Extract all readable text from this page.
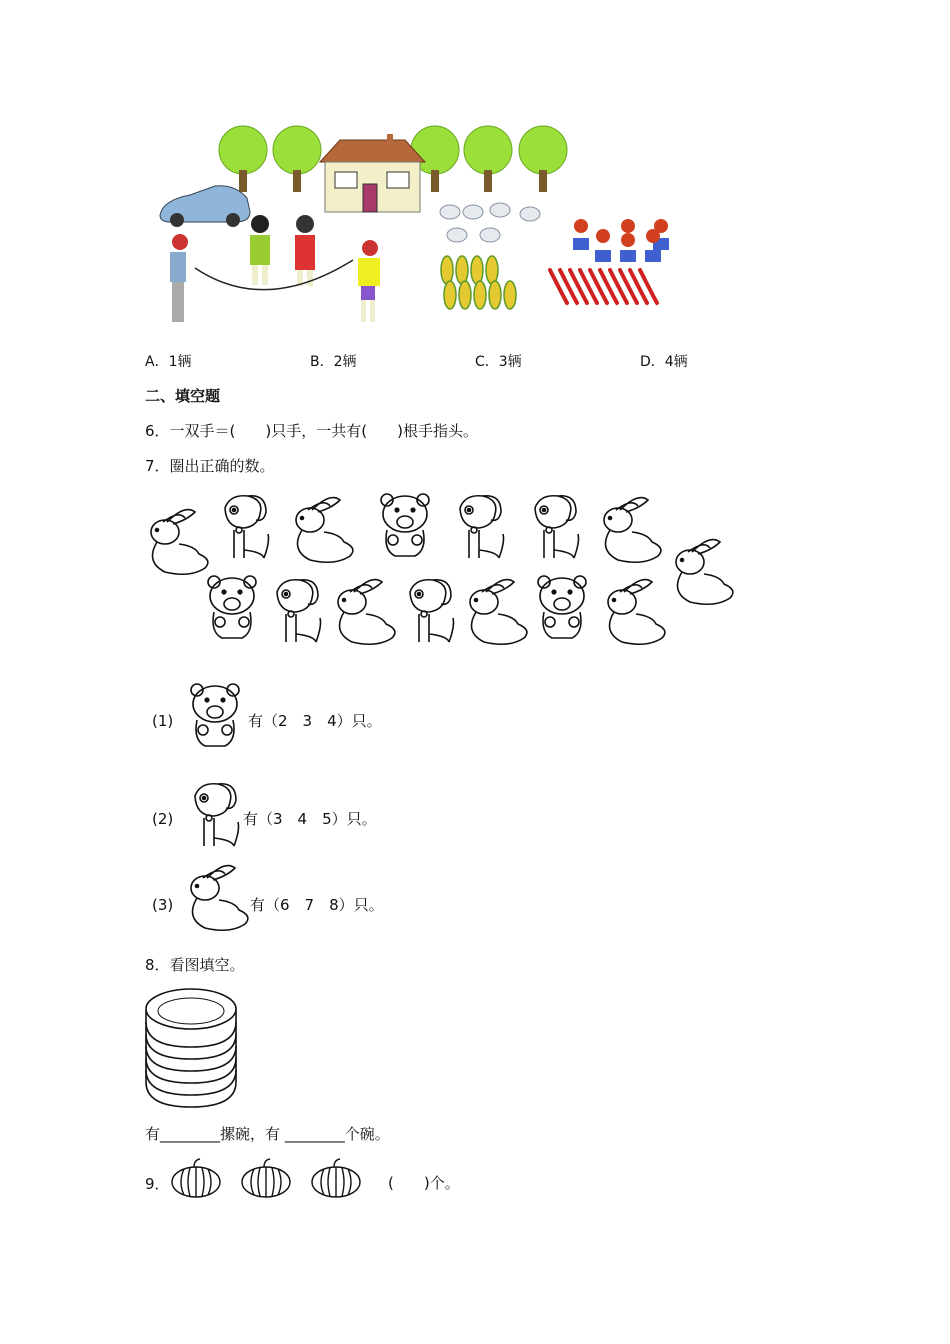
A．1辆	B．2辆	C．3辆	D．4辆
二、填空题
6．一双手＝(　　)只手，一共有(　　)根手指头。
7．圈出正确的数。
(1)	有（2　3　4）只。
(2)	有（3　4　5）只。
(3)	有（6　7　8）只。
8．看图填空。
有________摞碗，有 ________个碗。
9．	(　　)个。
